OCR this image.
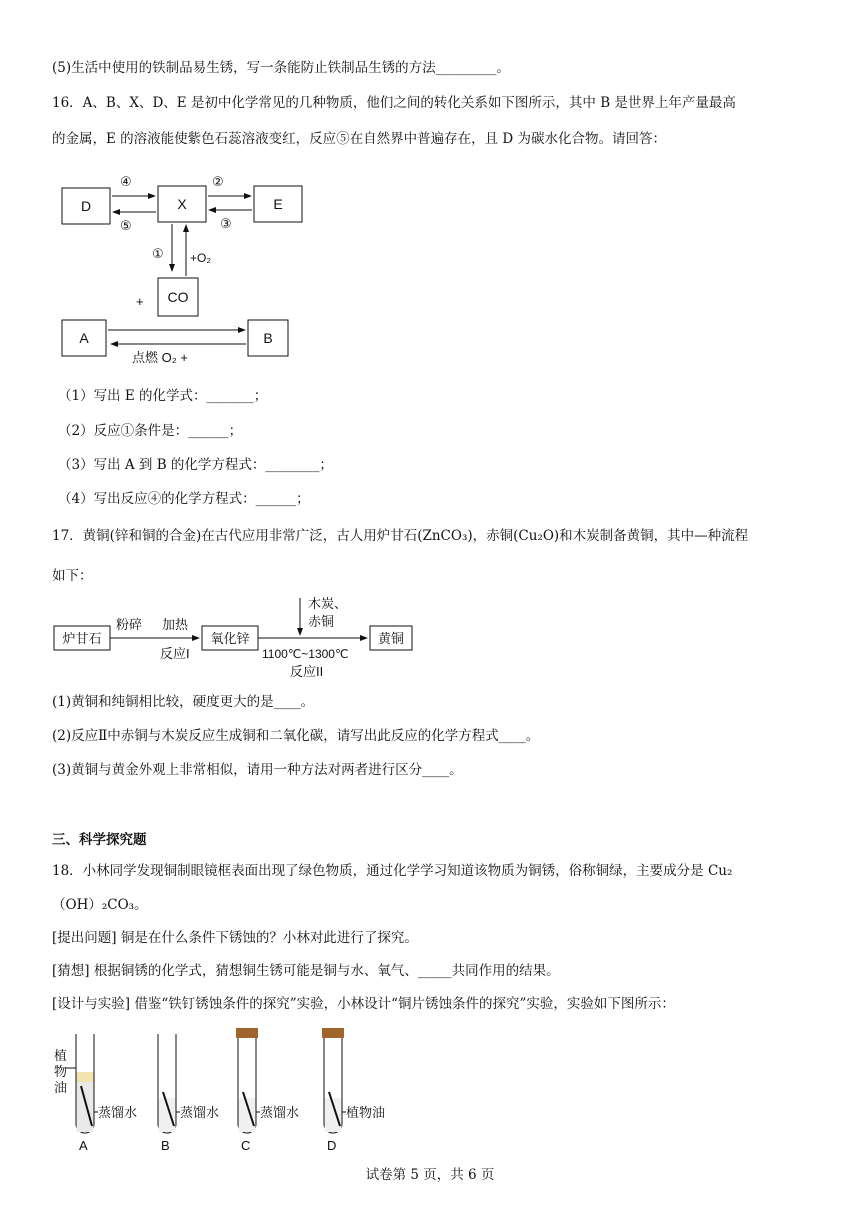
(5)生活中使用的铁制品易生锈，写一条能防止铁制品生锈的方法_________。
16．A、B、X、D、E 是初中化学常见的几种物质，他们之间的转化关系如下图所示，其中 B 是世界上年产量最高
的金属，E 的溶液能使紫色石蕊溶液变红，反应⑤在自然界中普遍存在，且 D 为碳水化合物。请回答：
D	X	E
④
⑤
②
③
① +O₂
CO
+
A	B
点燃 O₂ +
（1）写出 E 的化学式：_______；
（2）反应①条件是：______；
（3）写出 A 到 B 的化学方程式：________；
（4）写出反应④的化学方程式：______；
17．黄铜(锌和铜的合金)在古代应用非常广泛，古人用炉甘石(ZnCO₃)，赤铜(Cu₂O)和木炭制备黄铜，其中—种流程
如下：
炉甘石
粉碎 加热
反应I
氧化锌
木炭、
赤铜
1100℃~1300℃
反应II
黄铜
(1)黄铜和纯铜相比较，硬度更大的是____。
(2)反应Ⅱ中赤铜与木炭反应生成铜和二氧化碳，请写出此反应的化学方程式____。
(3)黄铜与黄金外观上非常相似，请用一种方法对两者进行区分____。
三、科学探究题
18．小林同学发现铜制眼镜框表面出现了绿色物质，通过化学学习知道该物质为铜锈，俗称铜绿，主要成分是 Cu₂
（OH）₂CO₃。
[提出问题] 铜是在什么条件下锈蚀的？小林对此进行了探究。
[猜想] 根据铜锈的化学式，猜想铜生锈可能是铜与水、氧气、_____共同作用的结果。
[设计与实验] 借鉴“铁钉锈蚀条件的探究”实验，小林设计“铜片锈蚀条件的探究”实验，实验如下图所示：
植
物
油
蒸馏水
A
蒸馏水
B
蒸馏水
C
植物油
D
试卷第 5 页，共 6 页
